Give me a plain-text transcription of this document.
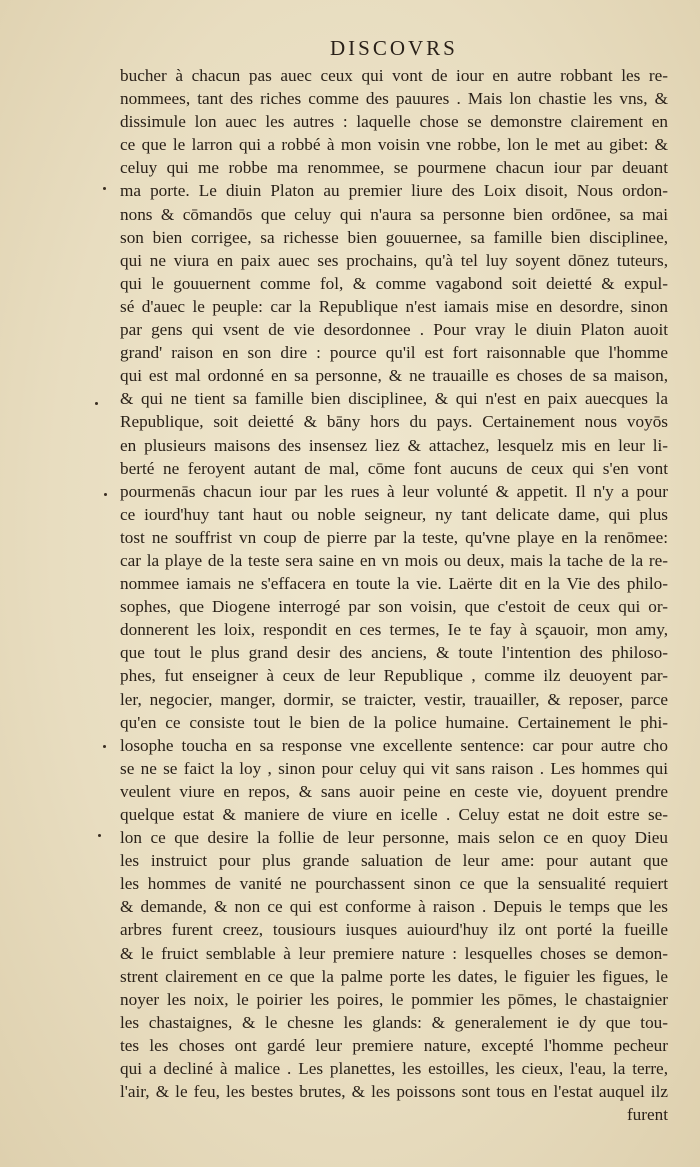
DISCOVRS
bucher à chacun pas auec ceux qui vont de iour en autre robbant les re-
nommees, tant des riches comme des pauures . Mais lon chastie les vns, &
dissimule lon auec les autres : laquelle chose se demonstre clairement en
ce que le larron qui a robbé à mon voisin vne robbe, lon le met au gibet: &
celuy qui me robbe ma renommee, se pourmene chacun iour par deuant
ma porte. Le diuin Platon au premier liure des Loix disoit, Nous ordon-
nons & cōmandōs que celuy qui n'aura sa personne bien ordōnee, sa mai
son bien corrigee, sa richesse bien gouuernee, sa famille bien disciplinee,
qui ne viura en paix auec ses prochains, qu'à tel luy soyent dōnez tuteurs,
qui le gouuernent comme fol, & comme vagabond soit deietté & expul-
sé d'auec le peuple: car la Republique n'est iamais mise en desordre, sinon
par gens qui vsent de vie desordonnee . Pour vray le diuin Platon auoit
grand' raison en son dire : pource qu'il est fort raisonnable que l'homme
qui est mal ordonné en sa personne, & ne trauaille es choses de sa maison,
& qui ne tient sa famille bien disciplinee, & qui n'est en paix auecques la
Republique, soit deietté & bāny hors du pays. Certainement nous voyōs
en plusieurs maisons des insensez liez & attachez, lesquelz mis en leur li-
berté ne feroyent autant de mal, cōme font aucuns de ceux qui s'en vont
pourmenās chacun iour par les rues à leur volunté & appetit. Il n'y a pour
ce iourd'huy tant haut ou noble seigneur, ny tant delicate dame, qui plus
tost ne souffrist vn coup de pierre par la teste, qu'vne playe en la renōmee:
car la playe de la teste sera saine en vn mois ou deux, mais la tache de la re-
nommee iamais ne s'effacera en toute la vie. Laërte dit en la Vie des philo-
sophes, que Diogene interrogé par son voisin, que c'estoit de ceux qui or-
donnerent les loix, respondit en ces termes, Ie te fay à sçauoir, mon amy,
que tout le plus grand desir des anciens, & toute l'intention des philoso-
phes, fut enseigner à ceux de leur Republique , comme ilz deuoyent par-
ler, negocier, manger, dormir, se traicter, vestir, trauailler, & reposer, parce
qu'en ce consiste tout le bien de la police humaine. Certainement le phi-
losophe toucha en sa response vne excellente sentence: car pour autre cho
se ne se faict la loy , sinon pour celuy qui vit sans raison . Les hommes qui
veulent viure en repos, & sans auoir peine en ceste vie, doyuent prendre
quelque estat & maniere de viure en icelle . Celuy estat ne doit estre se-
lon ce que desire la follie de leur personne, mais selon ce en quoy Dieu
les instruict pour plus grande saluation de leur ame: pour autant que
les hommes de vanité ne pourchassent sinon ce que la sensualité requiert
& demande, & non ce qui est conforme à raison . Depuis le temps que les
arbres furent creez, tousiours iusques auiourd'huy ilz ont porté la fueille
& le fruict semblable à leur premiere nature : lesquelles choses se demon-
strent clairement en ce que la palme porte les dates, le figuier les figues, le
noyer les noix, le poirier les poires, le pommier les pōmes, le chastaignier
les chastaignes, & le chesne les glands: & generalement ie dy que tou-
tes les choses ont gardé leur premiere nature, excepté l'homme pecheur
qui a decliné à malice . Les planettes, les estoilles, les cieux, l'eau, la terre,
l'air, & le feu, les bestes brutes, & les poissons sont tous en l'estat auquel ilz
furent
